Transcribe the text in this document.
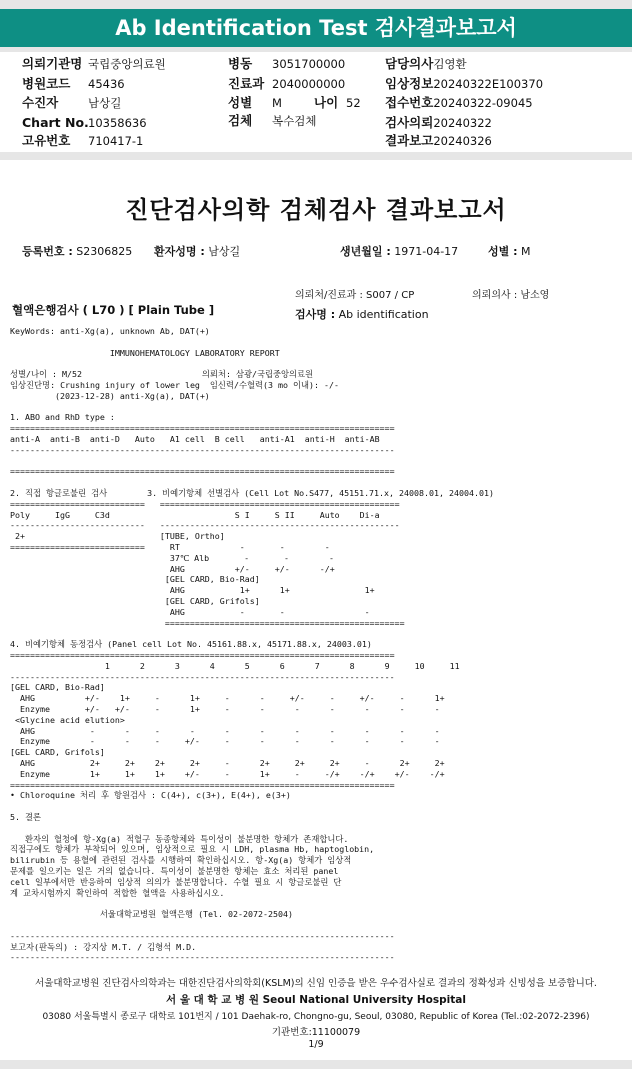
Ab Identification Test 검사결과보고서
의뢰기관명 국립중앙의료원
병원코드 45436
수진자	남상길
Chart No.10358636
고유번호 710417-1
병동 3051700000
진료과 2040000000
성별 M	나이 52
검체 복수검체
담당의사김영환
임상정보20240322E100370
접수번호20240322-09045
검사의뢰20240322
결과보고20240326
진단검사의학 검체검사 결과보고서
등록번호 : S2306825 환자성명 : 남상길	생년월일 : 1971-04-17	성별 : M
의뢰처/진료과 : S007 / CP	의뢰의사 : 남소영
혈액은행검사 ( L70 ) [ Plain Tube ]	검사명 : Ab identification
KeyWords: anti-Xg(a), unknown Ab, DAT(+)
IMMUNOHEMATOLOGY LABORATORY REPORT
성별/나이 : M/52                        의뢰처: 삼광/국립중앙의료원
임상진단명: Crushing injury of lower leg  임신력/수혈력(3 mo 이내): -/-
(2023-12-28) anti-Xg(a), DAT(+)
1. ABO and RhD type :
=============================================================================
anti-A  anti-B  anti-D   Auto   A1 cell  B cell   anti-A1  anti-H  anti-AB
-----------------------------------------------------------------------------
=============================================================================
2. 직접 항글로불린 검사        3. 비예기항체 선별검사 (Cell Lot No.S477, 45151.71.x, 24008.01, 24004.01)
===========================   ================================================
Poly     IgG     C3d                         S I     S II     Auto    Di-a
---------------------------   ------------------------------------------------
2+                           [TUBE, Ortho]
===========================     RT            -       -        -
37℃ Alb       -       -        -
AHG          +/-     +/-      -/+
[GEL CARD, Bio-Rad]
AHG           1+      1+               1+
[GEL CARD, Grifols]
AHG           -       -                -
================================================
4. 비예기항체 동정검사 (Panel cell Lot No. 45161.88.x, 45171.88.x, 24003.01)
=============================================================================
1      2      3      4      5      6      7      8      9     10     11
-----------------------------------------------------------------------------
[GEL CARD, Bio-Rad]
AHG          +/-    1+     -      1+     -      -     +/-     -     +/-     -      1+
Enzyme       +/-   +/-     -      1+     -      -      -      -      -      -      -
<Glycine acid elution>
AHG           -      -     -      -      -      -      -      -      -      -      -
Enzyme        -      -     -     +/-     -      -      -      -      -      -      -
[GEL CARD, Grifols]
AHG           2+     2+    2+     2+     -      2+     2+     2+     -      2+     2+
Enzyme        1+     1+    1+    +/-     -      1+     -     -/+    -/+    +/-    -/+
=============================================================================
• Chloroquine 처리 후 항원검사 : C(4+), c(3+), E(4+), e(3+)
5. 결론
환자의 혈청에 항-Xg(a) 적혈구 동종항체와 특이성이 불분명한 항체가 존재합니다.
직접구에도 항체가 부착되어 있으며, 임상적으로 필요 시 LDH, plasma Hb, haptoglobin,
bilirubin 등 용혈에 관련된 검사를 시행하여 확인하십시오. 항-Xg(a) 항체가 임상적
문제를 일으키는 일은 거의 없습니다. 특이성이 불분명한 항체는 효소 처리된 panel
cell 일부에서만 반응하여 임상적 의의가 불분명합니다. 수혈 필요 시 항글로불린 단
계 교차시험까지 확인하여 적합한 혈액을 사용하십시오.
서울대학교병원 혈액은행 (Tel. 02-2072-2504)
-----------------------------------------------------------------------------
보고자(판독의) : 강지상 M.T. / 김형석 M.D.
-----------------------------------------------------------------------------
서울대학교병원 진단검사의학과는 대한진단검사의학회(KSLM)의 신임 인증을 받은 우수검사실로 결과의 정확성과 신빙성을 보증합니다.
서 울 대 학 교 병 원 Seoul National University Hospital
03080 서울특별시 종로구 대학로 101번지 / 101 Daehak-ro, Chongno-gu, Seoul, 03080, Republic of Korea (Tel.:02-2072-2396)
기관번호:11100079
1/9
